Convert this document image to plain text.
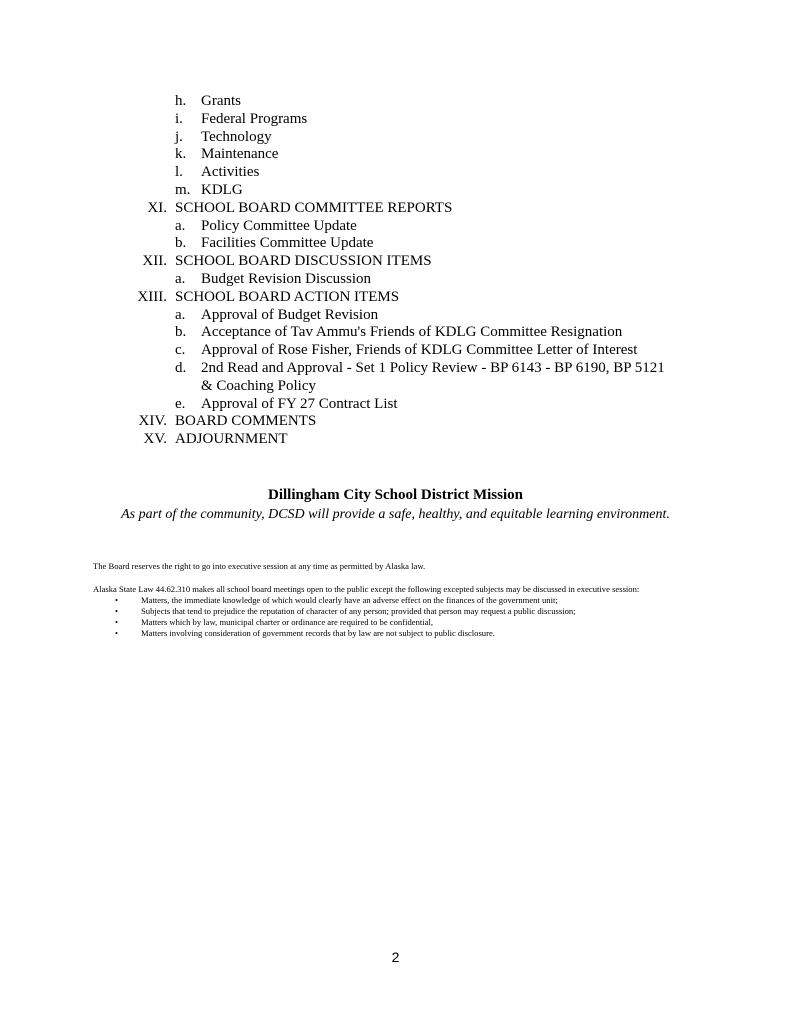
h. Grants
i. Federal Programs
j. Technology
k. Maintenance
l. Activities
m. KDLG
XI. SCHOOL BOARD COMMITTEE REPORTS
a. Policy Committee Update
b. Facilities Committee Update
XII. SCHOOL BOARD DISCUSSION ITEMS
a. Budget Revision Discussion
XIII. SCHOOL BOARD ACTION ITEMS
a. Approval of Budget Revision
b. Acceptance of Tav Ammu's Friends of KDLG Committee Resignation
c. Approval of Rose Fisher, Friends of KDLG Committee Letter of Interest
d. 2nd Read and Approval - Set 1 Policy Review - BP 6143 - BP 6190, BP 5121
& Coaching Policy
e. Approval of FY 27 Contract List
XIV. BOARD COMMENTS
XV. ADJOURNMENT
Dillingham City School District Mission
As part of the community, DCSD will provide a safe, healthy, and equitable learning environment.

The Board reserves the right to go into executive session at any time as permitted by Alaska law.

Alaska State Law 44.62.310 makes all school board meetings open to the public except the following excepted subjects may be discussed in executive session:

•	Matters, the immediate knowledge of which would clearly have an adverse effect on the finances of the government unit;
•	Subjects that tend to prejudice the reputation of character of any person; provided that person may request a public discussion;
•	Matters which by law, municipal charter or ordinance are required to be confidential,
•	Matters involving consideration of government records that by law are not subject to public disclosure.
2
